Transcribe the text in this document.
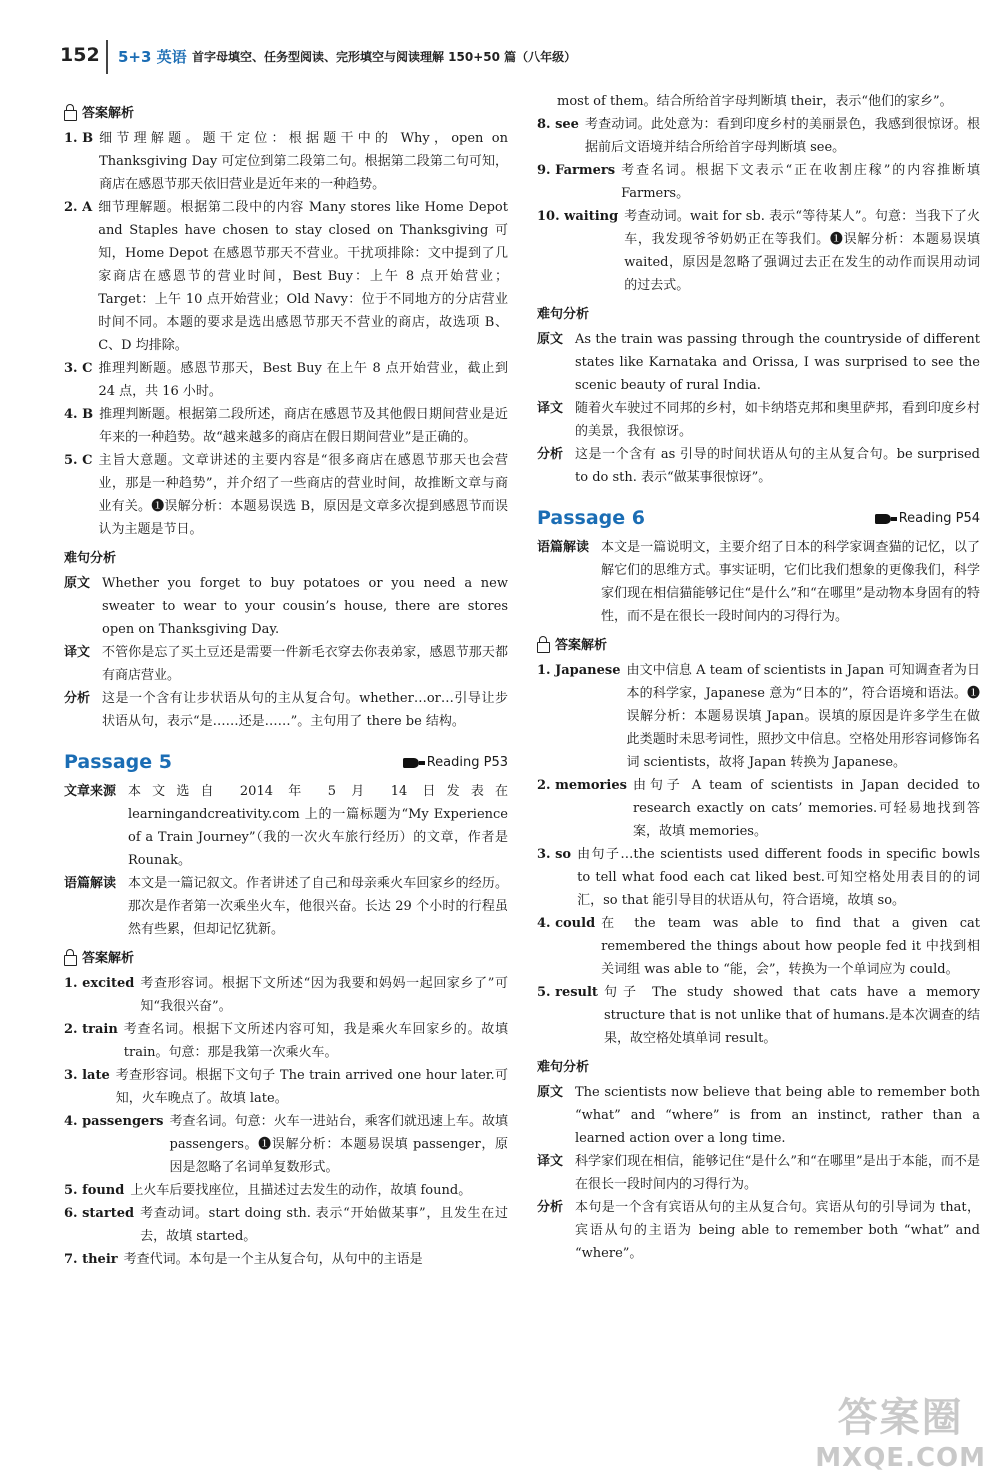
152 5+3 英语 首字母填空、任务型阅读、完形填空与阅读理解 150+50 篇（八年级）
答案解析
1. B 细节理解题。题干定位：根据题干中的 Why，open on Thanksgiving Day 可定位到第二段第二句。根据第二段第二句可知，商店在感恩节那天依旧营业是近年来的一种趋势。
2. A 细节理解题。根据第二段中的内容 Many stores like Home Depot and Staples have chosen to stay closed on Thanksgiving 可知，Home Depot 在感恩节那天不营业。干扰项排除：文中提到了几家商店在感恩节的营业时间，Best Buy：上午 8 点开始营业；Target：上午 10 点开始营业；Old Navy：位于不同地方的分店营业时间不同。本题的要求是选出感恩节那天不营业的商店，故选项 B、C、D 均排除。
3. C 推理判断题。感恩节那天，Best Buy 在上午 8 点开始营业，截止到 24 点，共 16 小时。
4. B 推理判断题。根据第二段所述，商店在感恩节及其他假日期间营业是近年来的一种趋势。故“越来越多的商店在假日期间营业”是正确的。
5. C 主旨大意题。文章讲述的主要内容是“很多商店在感恩节那天也会营业，那是一种趋势”，并介绍了一些商店的营业时间，故推断文章与商业有关。❶误解分析：本题易误选 B，原因是文章多次提到感恩节而误认为主题是节日。
难句分析
原文 Whether you forget to buy potatoes or you need a new sweater to wear to your cousin’s house, there are stores open on Thanksgiving Day.
译文 不管你是忘了买土豆还是需要一件新毛衣穿去你表弟家，感恩节那天都有商店营业。
分析 这是一个含有让步状语从句的主从复合句。whether…or…引导让步状语从句，表示“是……还是……”。主句用了 there be 结构。
Passage 5	Reading P53
文章来源 本文选自 2014 年 5 月 14 日发表在 learningandcreativity.com 上的一篇标题为“My Experience of a Train Journey”（我的一次火车旅行经历）的文章，作者是 Rounak。
语篇解读 本文是一篇记叙文。作者讲述了自己和母亲乘火车回家乡的经历。那次是作者第一次乘坐火车，他很兴奋。长达 29 个小时的行程虽然有些累，但却记忆犹新。
答案解析
1. excited 考查形容词。根据下文所述“因为我要和妈妈一起回家乡了”可知“我很兴奋”。
2. train 考查名词。根据下文所述内容可知，我是乘火车回家乡的。故填 train。句意：那是我第一次乘火车。
3. late 考查形容词。根据下文句子 The train arrived one hour later.可知，火车晚点了。故填 late。
4. passengers 考查名词。句意：火车一进站台，乘客们就迅速上车。故填 passengers。❶误解分析：本题易误填 passenger，原因是忽略了名词单复数形式。
5. found 上火车后要找座位，且描述过去发生的动作，故填 found。
6. started 考查动词。start doing sth. 表示“开始做某事”，且发生在过去，故填 started。
7. their 考查代词。本句是一个主从复合句，从句中的主语是
most of them。结合所给首字母判断填 their，表示“他们的家乡”。
8. see 考查动词。此处意为：看到印度乡村的美丽景色，我感到很惊讶。根据前后文语境并结合所给首字母判断填 see。
9. Farmers 考查名词。根据下文表示“正在收割庄稼”的内容推断填 Farmers。
10. waiting 考查动词。wait for sb. 表示“等待某人”。句意：当我下了火车，我发现爷爷奶奶正在等我们。❶误解分析：本题易误填 waited，原因是忽略了强调过去正在发生的动作而误用动词的过去式。
难句分析
原文 As the train was passing through the countryside of different states like Karnataka and Orissa, I was surprised to see the scenic beauty of rural India.
译文 随着火车驶过不同邦的乡村，如卡纳塔克邦和奥里萨邦，看到印度乡村的美景，我很惊讶。
分析 这是一个含有 as 引导的时间状语从句的主从复合句。be surprised to do sth. 表示“做某事很惊讶”。
Passage 6	Reading P54
语篇解读 本文是一篇说明文，主要介绍了日本的科学家调查猫的记忆，以了解它们的思维方式。事实证明，它们比我们想象的更像我们，科学家们现在相信猫能够记住“是什么”和“在哪里”是动物本身固有的特性，而不是在很长一段时间内的习得行为。
答案解析
1. Japanese 由文中信息 A team of scientists in Japan 可知调查者为日本的科学家，Japanese 意为“日本的”，符合语境和语法。❶误解分析：本题易误填 Japan。误填的原因是许多学生在做此类题时未思考词性，照抄文中信息。空格处用形容词修饰名词 scientists，故将 Japan 转换为 Japanese。
2. memories 由句子 A team of scientists in Japan decided to research exactly on cats’ memories.可轻易地找到答案，故填 memories。
3. so 由句子…the scientists used different foods in specific bowls to tell what food each cat liked best.可知空格处用表目的的词汇，so that 能引导目的状语从句，符合语境，故填 so。
4. could 在 the team was able to find that a given cat remembered the things about how people fed it 中找到相关词组 was able to “能，会”，转换为一个单词应为 could。
5. result 句子 The study showed that cats have a memory structure that is not unlike that of humans.是本次调查的结果，故空格处填单词 result。
难句分析
原文 The scientists now believe that being able to remember both “what” and “where” is from an instinct, rather than a learned action over a long time.
译文 科学家们现在相信，能够记住“是什么”和“在哪里”是出于本能，而不是在很长一段时间内的习得行为。
分析 本句是一个含有宾语从句的主从复合句。宾语从句的引导词为 that，宾语从句的主语为 being able to remember both “what” and “where”。
答案圈
MXQE.COM
